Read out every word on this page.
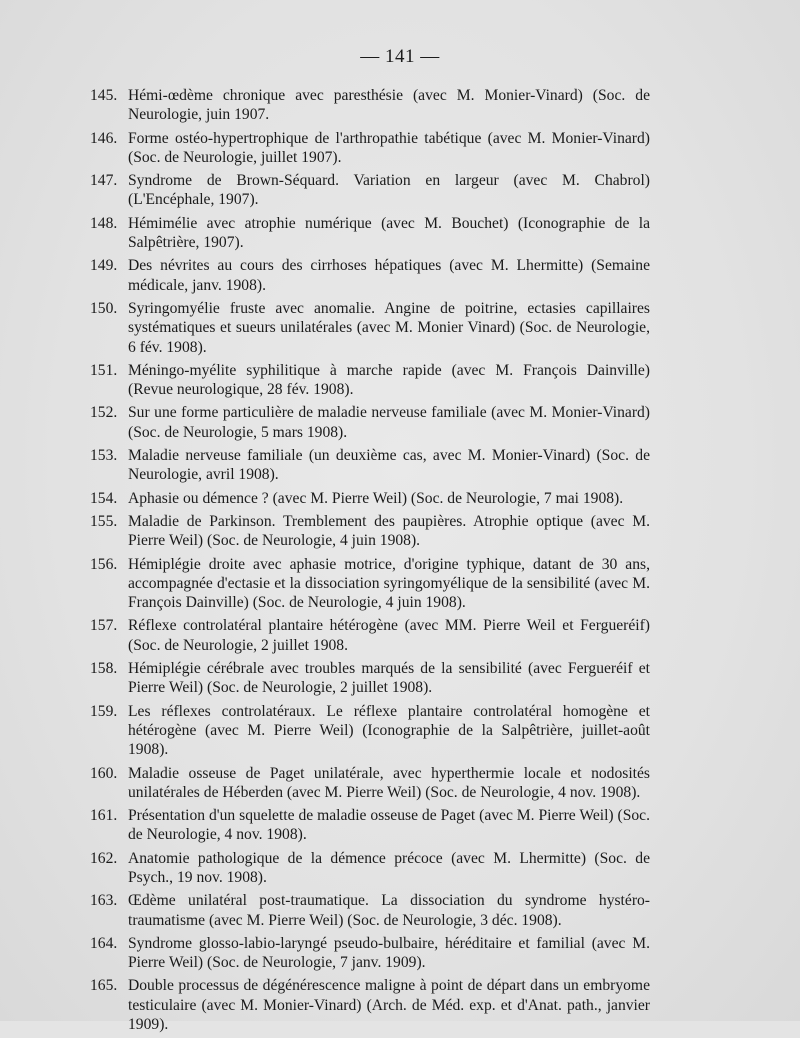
— 141 —
145. Hémi-œdème chronique avec paresthésie (avec M. Monier-Vinard) (Soc. de Neurologie, juin 1907.
146. Forme ostéo-hypertrophique de l'arthropathie tabétique (avec M. Monier-Vinard) (Soc. de Neurologie, juillet 1907).
147. Syndrome de Brown-Séquard. Variation en largeur (avec M. Chabrol) (L'Encéphale, 1907).
148. Hémimélie avec atrophie numérique (avec M. Bouchet) (Iconographie de la Salpêtrière, 1907).
149. Des névrites au cours des cirrhoses hépatiques (avec M. Lhermitte) (Semaine médicale, janv. 1908).
150. Syringomyélie fruste avec anomalie. Angine de poitrine, ectasies capillaires systématiques et sueurs unilatérales (avec M. Monier Vinard) (Soc. de Neurologie, 6 fév. 1908).
151. Méningo-myélite syphilitique à marche rapide (avec M. François Dainville) (Revue neurologique, 28 fév. 1908).
152. Sur une forme particulière de maladie nerveuse familiale (avec M. Monier-Vinard) (Soc. de Neurologie, 5 mars 1908).
153. Maladie nerveuse familiale (un deuxième cas, avec M. Monier-Vinard) (Soc. de Neurologie, avril 1908).
154. Aphasie ou démence ? (avec M. Pierre Weil) (Soc. de Neurologie, 7 mai 1908).
155. Maladie de Parkinson. Tremblement des paupières. Atrophie optique (avec M. Pierre Weil) (Soc. de Neurologie, 4 juin 1908).
156. Hémiplégie droite avec aphasie motrice, d'origine typhique, datant de 30 ans, accompagnée d'ectasie et la dissociation syringomyélique de la sensibilité (avec M. François Dainville) (Soc. de Neurologie, 4 juin 1908).
157. Réflexe controlatéral plantaire hétérogène (avec MM. Pierre Weil et Fergueréif) (Soc. de Neurologie, 2 juillet 1908.
158. Hémiplégie cérébrale avec troubles marqués de la sensibilité (avec Fergueréif et Pierre Weil) (Soc. de Neurologie, 2 juillet 1908).
159. Les réflexes controlatéraux. Le réflexe plantaire controlatéral homogène et hétérogène (avec M. Pierre Weil) (Iconographie de la Salpêtrière, juillet-août 1908).
160. Maladie osseuse de Paget unilatérale, avec hyperthermie locale et nodosités unilatérales de Héberden (avec M. Pierre Weil) (Soc. de Neurologie, 4 nov. 1908).
161. Présentation d'un squelette de maladie osseuse de Paget (avec M. Pierre Weil) (Soc. de Neurologie, 4 nov. 1908).
162. Anatomie pathologique de la démence précoce (avec M. Lhermitte) (Soc. de Psych., 19 nov. 1908).
163. Œdème unilatéral post-traumatique. La dissociation du syndrome hystéro-traumatisme (avec M. Pierre Weil) (Soc. de Neurologie, 3 déc. 1908).
164. Syndrome glosso-labio-laryngé pseudo-bulbaire, héréditaire et familial (avec M. Pierre Weil) (Soc. de Neurologie, 7 janv. 1909).
165. Double processus de dégénérescence maligne à point de départ dans un embryome testiculaire (avec M. Monier-Vinard) (Arch. de Méd. exp. et d'Anat. path., janvier 1909).
